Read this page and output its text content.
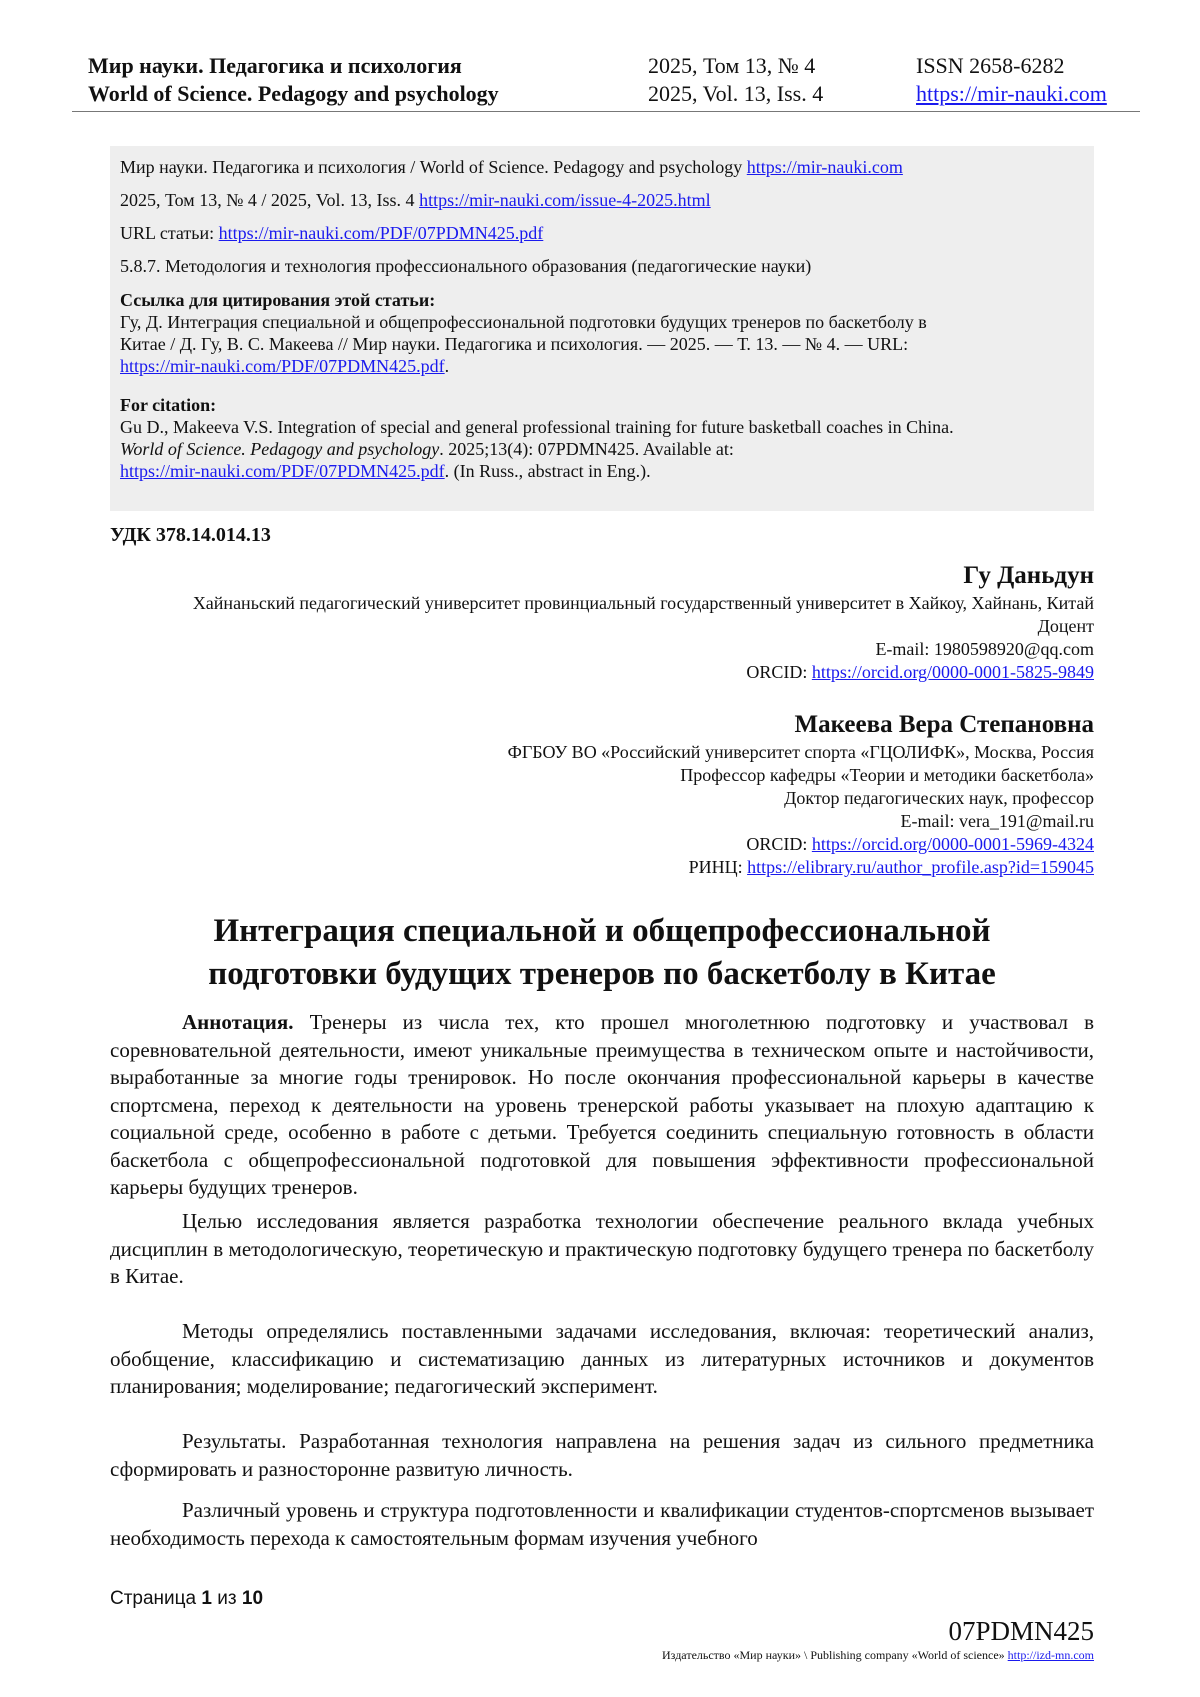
Мир науки. Педагогика и психология	2025, Том 13, № 4	ISSN 2658-6282
World of Science. Pedagogy and psychology	2025, Vol. 13, Iss. 4	https://mir-nauki.com
Мир науки. Педагогика и психология / World of Science. Pedagogy and psychology https://mir-nauki.com
2025, Том 13, № 4 / 2025, Vol. 13, Iss. 4 https://mir-nauki.com/issue-4-2025.html
URL статьи: https://mir-nauki.com/PDF/07PDMN425.pdf
5.8.7. Методология и технология профессионального образования (педагогические науки)
Ссылка для цитирования этой статьи:
Гу, Д. Интеграция специальной и общепрофессиональной подготовки будущих тренеров по баскетболу в
Китае / Д. Гу, В. С. Макеева // Мир науки. Педагогика и психология. — 2025. — Т. 13. — № 4. — URL:
https://mir-nauki.com/PDF/07PDMN425.pdf.
For citation:
Gu D., Makeeva V.S. Integration of special and general professional training for future basketball coaches in China.
World of Science. Pedagogy and psychology. 2025;13(4): 07PDMN425. Available at:
https://mir-nauki.com/PDF/07PDMN425.pdf. (In Russ., abstract in Eng.).
УДК 378.14.014.13
Гу Даньдун
Хайнаньский педагогический университет провинциальный государственный университет в Хайкоу, Хайнань, Китай
Доцент
E-mail: 1980598920@qq.com
ORCID: https://orcid.org/0000-0001-5825-9849
Макеева Вера Степановна
ФГБОУ ВО «Российский университет спорта «ГЦОЛИФК», Москва, Россия
Профессор кафедры «Теории и методики баскетбола»
Доктор педагогических наук, профессор
E-mail: vera_191@mail.ru
ORCID: https://orcid.org/0000-0001-5969-4324
РИНЦ: https://elibrary.ru/author_profile.asp?id=159045
Интеграция специальной и общепрофессиональной
подготовки будущих тренеров по баскетболу в Китае
Аннотация. Тренеры из числа тех, кто прошел многолетнюю подготовку и участвовал в соревновательной деятельности, имеют уникальные преимущества в техническом опыте и настойчивости, выработанные за многие годы тренировок. Но после окончания профессиональной карьеры в качестве спортсмена, переход к деятельности на уровень тренерской работы указывает на плохую адаптацию к социальной среде, особенно в работе с детьми. Требуется соединить специальную готовность в области баскетбола с общепрофессиональной подготовкой для повышения эффективности профессиональной карьеры будущих тренеров.
Целью исследования является разработка технологии обеспечение реального вклада учебных дисциплин в методологическую, теоретическую и практическую подготовку будущего тренера по баскетболу в Китае.
Методы определялись поставленными задачами исследования, включая: теоретический анализ, обобщение, классификацию и систематизацию данных из литературных источников и документов планирования; моделирование; педагогический эксперимент.
Результаты. Разработанная технология направлена на решения задач из сильного предметника сформировать и разносторонне развитую личность.
Различный уровень и структура подготовленности и квалификации студентов-спортсменов вызывает необходимость перехода к самостоятельным формам изучения учебного
Страница 1 из 10
07PDMN425
Издательство «Мир науки» \ Publishing company «World of science» http://izd-mn.com
